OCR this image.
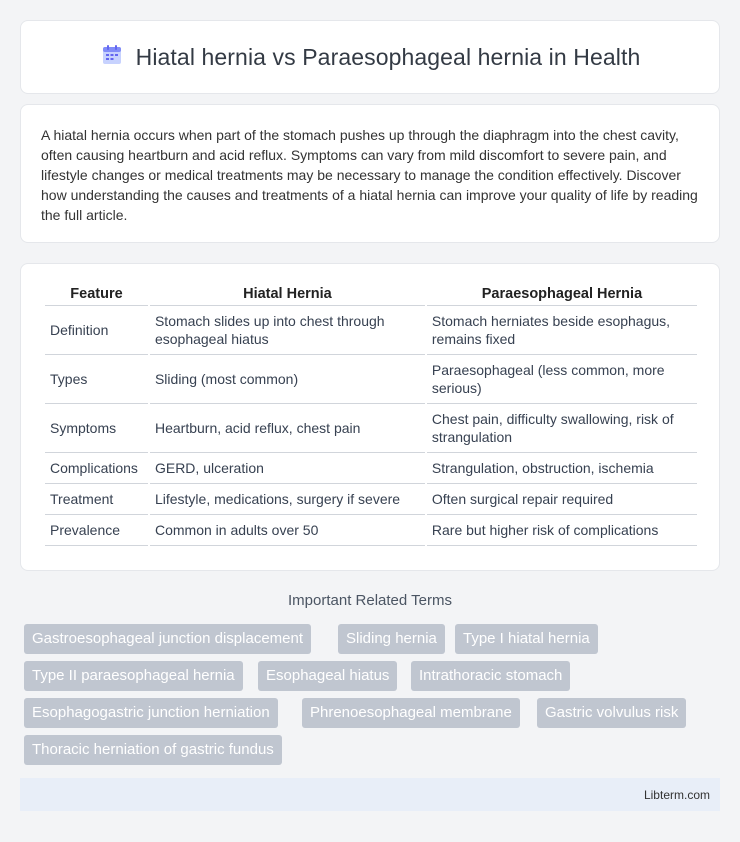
Hiatal hernia vs Paraesophageal hernia in Health

A hiatal hernia occurs when part of the stomach pushes up through the diaphragm into the chest cavity, often causing heartburn and acid reflux. Symptoms can vary from mild discomfort to severe pain, and lifestyle changes or medical treatments may be necessary to manage the condition effectively. Discover how understanding the causes and treatments of a hiatal hernia can improve your quality of life by reading the full article.

Feature	Hiatal Hernia	Paraesophageal Hernia
Definition	Stomach slides up into chest through esophageal hiatus	Stomach herniates beside esophagus, remains fixed
Types	Sliding (most common)	Paraesophageal (less common, more serious)
Symptoms	Heartburn, acid reflux, chest pain	Chest pain, difficulty swallowing, risk of strangulation
Complications	GERD, ulceration	Strangulation, obstruction, ischemia
Treatment	Lifestyle, medications, surgery if severe	Often surgical repair required
Prevalence	Common in adults over 50	Rare but higher risk of complications
Important Related Terms
Gastroesophageal junction displacement	Sliding hernia	Type I hiatal hernia
Type II paraesophageal hernia	Esophageal hiatus	Intrathoracic stomach
Esophagogastric junction herniation	Phrenoesophageal membrane	Gastric volvulus risk
Thoracic herniation of gastric fundus
Libterm.com
